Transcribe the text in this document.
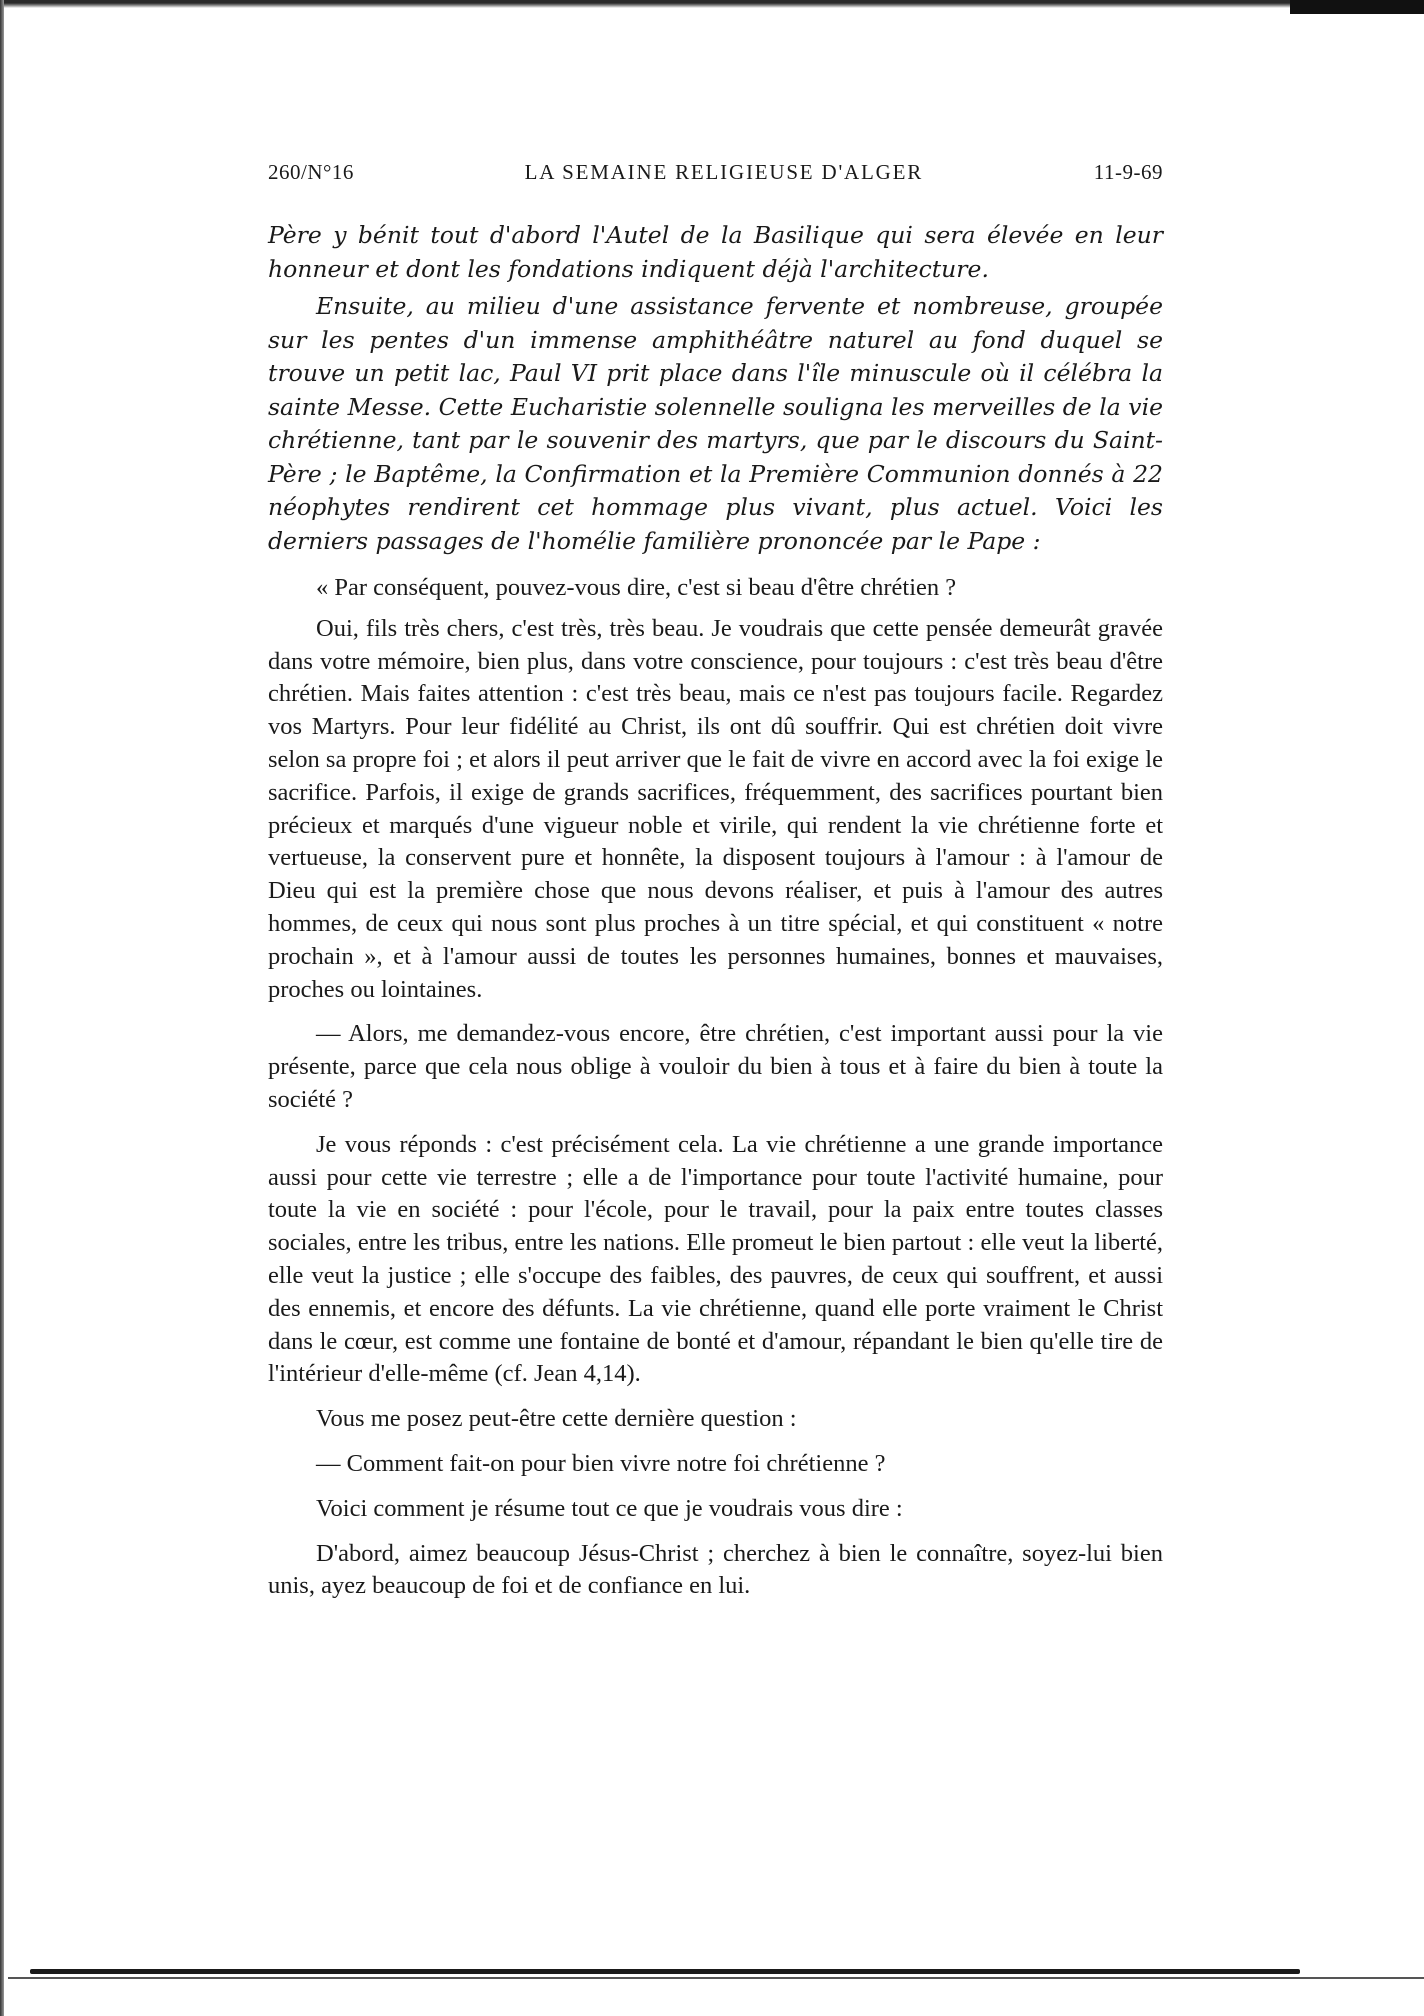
260/N°16	LA SEMAINE RELIGIEUSE D'ALGER	11-9-69

Père y bénit tout d'abord l'Autel de la Basilique qui sera élevée en leur honneur et dont les fondations indiquent déjà l'architecture.

Ensuite, au milieu d'une assistance fervente et nombreuse, groupée sur les pentes d'un immense amphithéâtre naturel au fond duquel se trouve un petit lac, Paul VI prit place dans l'île minuscule où il célébra la sainte Messe. Cette Eucharistie solennelle souligna les merveilles de la vie chrétienne, tant par le souvenir des martyrs, que par le discours du Saint-Père ; le Baptême, la Confirmation et la Première Communion donnés à 22 néophytes rendirent cet hommage plus vivant, plus actuel. Voici les derniers passages de l'homélie familière prononcée par le Pape :

« Par conséquent, pouvez-vous dire, c'est si beau d'être chrétien ?

Oui, fils très chers, c'est très, très beau. Je voudrais que cette pensée demeurât gravée dans votre mémoire, bien plus, dans votre conscience, pour toujours : c'est très beau d'être chrétien. Mais faites attention : c'est très beau, mais ce n'est pas toujours facile. Regardez vos Martyrs. Pour leur fidélité au Christ, ils ont dû souffrir. Qui est chrétien doit vivre selon sa propre foi ; et alors il peut arriver que le fait de vivre en accord avec la foi exige le sacrifice. Parfois, il exige de grands sacrifices, fréquemment, des sacrifices pourtant bien précieux et marqués d'une vigueur noble et virile, qui rendent la vie chrétienne forte et vertueuse, la conservent pure et honnête, la disposent toujours à l'amour : à l'amour de Dieu qui est la première chose que nous devons réaliser, et puis à l'amour des autres hommes, de ceux qui nous sont plus proches à un titre spécial, et qui constituent « notre prochain », et à l'amour aussi de toutes les personnes humaines, bonnes et mauvaises, proches ou lointaines.

— Alors, me demandez-vous encore, être chrétien, c'est important aussi pour la vie présente, parce que cela nous oblige à vouloir du bien à tous et à faire du bien à toute la société ?

Je vous réponds : c'est précisément cela. La vie chrétienne a une grande importance aussi pour cette vie terrestre ; elle a de l'importance pour toute l'activité humaine, pour toute la vie en société : pour l'école, pour le travail, pour la paix entre toutes classes sociales, entre les tribus, entre les nations. Elle promeut le bien partout : elle veut la liberté, elle veut la justice ; elle s'occupe des faibles, des pauvres, de ceux qui souffrent, et aussi des ennemis, et encore des défunts. La vie chrétienne, quand elle porte vraiment le Christ dans le cœur, est comme une fontaine de bonté et d'amour, répandant le bien qu'elle tire de l'intérieur d'elle-même (cf. Jean 4,14).

Vous me posez peut-être cette dernière question :

— Comment fait-on pour bien vivre notre foi chrétienne ?

Voici comment je résume tout ce que je voudrais vous dire :

D'abord, aimez beaucoup Jésus-Christ ; cherchez à bien le connaître, soyez-lui bien unis, ayez beaucoup de foi et de confiance en lui.
